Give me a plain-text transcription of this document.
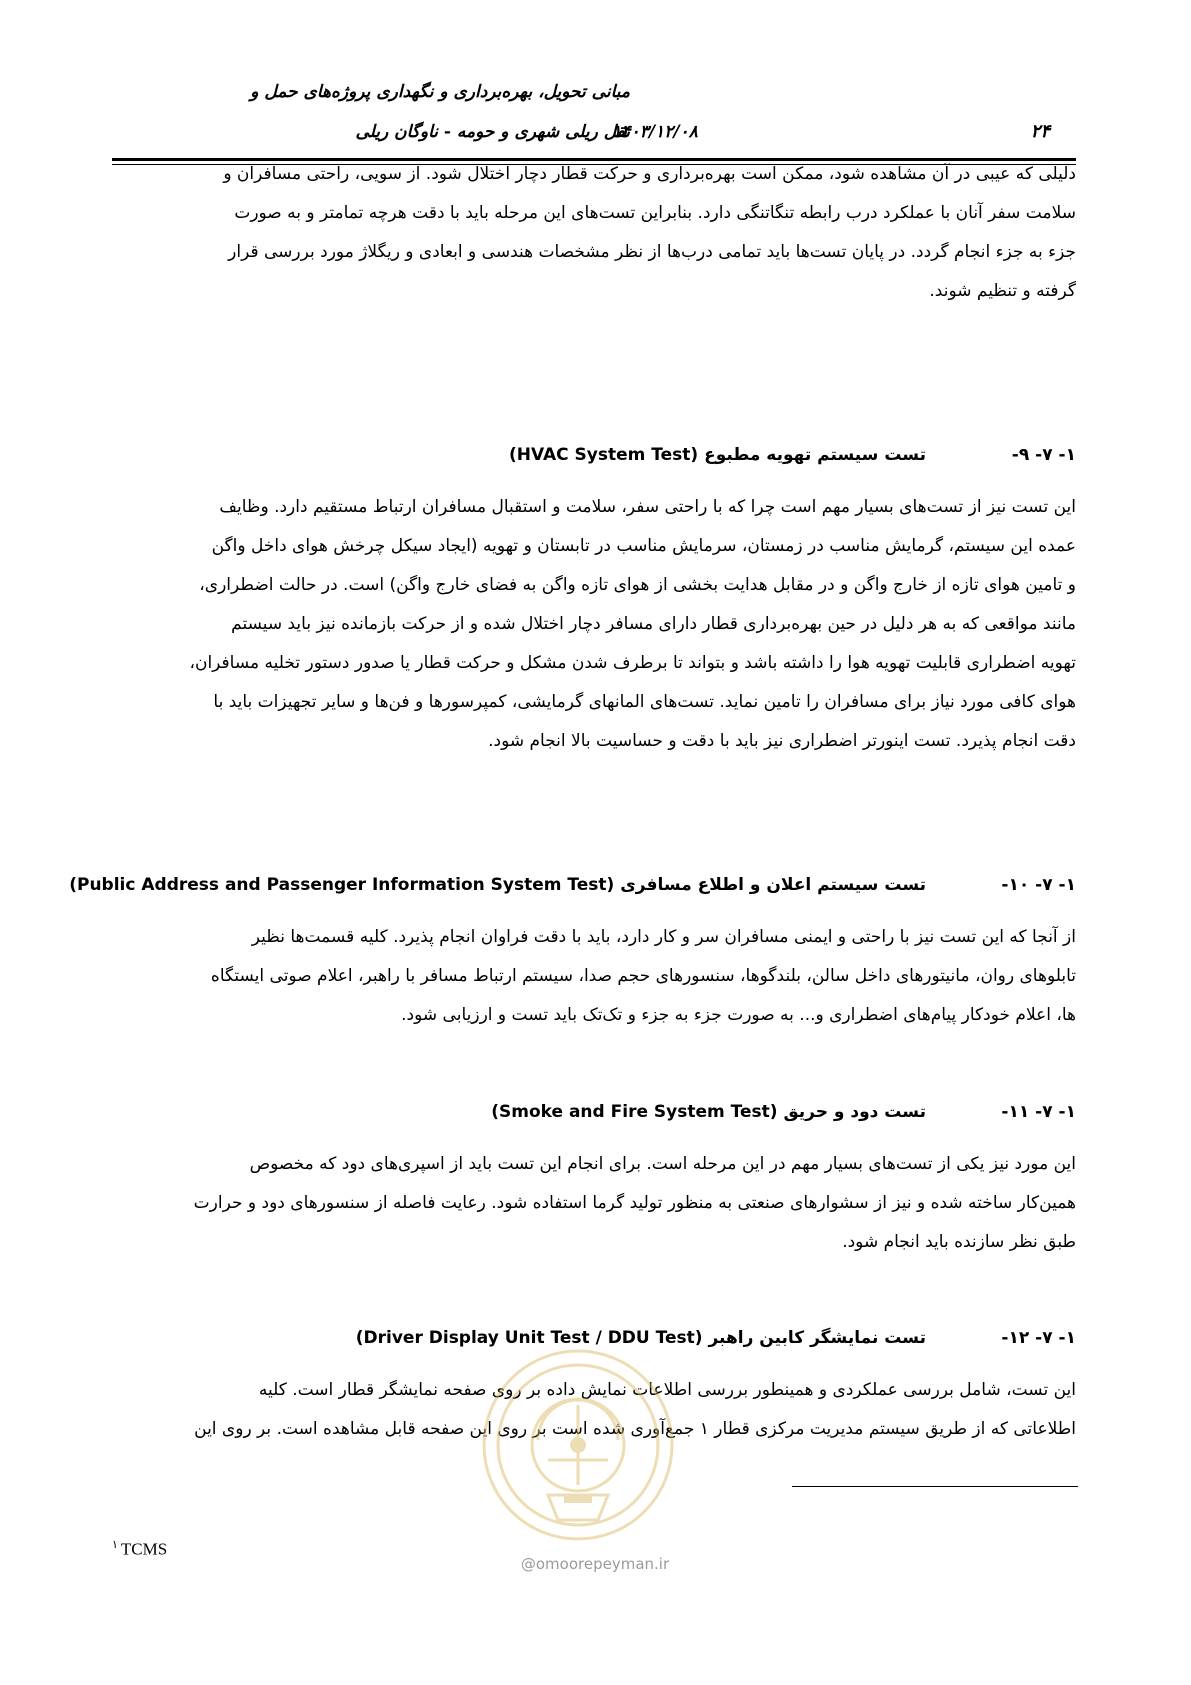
مبانی تحویل، بهره‌برداری و نگهداری پروژه‌های حمل و
نقل ریلی شهری و حومه - ناوگان ریلی
۱۴۰۳/۱۲/۰۸	۲۴
دلیلی که عیبی در آن مشاهده شود، ممکن است بهره‌برداری و حرکت قطار دچار اختلال شود. از سویی، راحتی مسافران و
سلامت سفر آنان با عملکرد درب رابطه تنگاتنگی دارد. بنابراین تست‌های این مرحله باید با دقت هرچه تمامتر و به صورت
جزء به جزء انجام گردد. در پایان تست‌ها باید تمامی درب‌ها از نظر مشخصات هندسی و ابعادی و ریگلاژ مورد بررسی قرار
گرفته و تنظیم شوند.
۱- ۷- ۹-
تست سیستم تهویه مطبوع (HVAC System Test)
این تست نیز از تست‌های بسیار مهم است چرا که با راحتی سفر، سلامت و استقبال مسافران ارتباط مستقیم دارد. وظایف
عمده این سیستم، گرمایش مناسب در زمستان، سرمایش مناسب در تابستان و تهویه (ایجاد سیکل چرخش هوای داخل واگن
و تامین هوای تازه از خارج واگن و در مقابل هدایت بخشی از هوای تازه واگن به فضای خارج واگن) است. در حالت اضطراری،
مانند مواقعی که به هر دلیل در حین بهره‌برداری قطار دارای مسافر دچار اختلال شده و از حرکت بازمانده نیز باید سیستم
تهویه اضطراری قابلیت تهویه هوا را داشته باشد و بتواند تا برطرف شدن مشکل و حرکت قطار یا صدور دستور تخلیه مسافران،
هوای کافی مورد نیاز برای مسافران را تامین نماید. تست‌های المانهای گرمایشی، کمپرسورها و فن‌ها و سایر تجهیزات باید با
دقت انجام پذیرد. تست اینورتر اضطراری نیز باید با دقت و حساسیت بالا انجام شود.
۱- ۷- ۱۰-
تست سیستم اعلان و اطلاع مسافری (Public Address and Passenger Information System Test)
از آنجا که این تست نیز با راحتی و ایمنی مسافران سر و کار دارد، باید با دقت فراوان انجام پذیرد. کلیه قسمت‌ها نظیر
تابلوهای روان، مانیتورهای داخل سالن، بلندگوها، سنسورهای حجم صدا، سیستم ارتباط مسافر با راهبر، اعلام صوتی ایستگاه
ها، اعلام خودکار پیام‌های اضطراری و... به صورت جزء به جزء و تک‌تک باید تست و ارزیابی شود.
۱- ۷- ۱۱-
تست دود و حریق (Smoke and Fire System Test)
این مورد نیز یکی از تست‌های بسیار مهم در این مرحله است. برای انجام این تست باید از اسپری‌های دود که مخصوص
همین‌کار ساخته شده و نیز از سشوارهای صنعتی به منظور تولید گرما استفاده شود. رعایت فاصله از سنسورهای دود و حرارت
طبق نظر سازنده باید انجام شود.
۱- ۷- ۱۲-
تست نمایشگر کابین راهبر (Driver Display Unit Test / DDU Test)
این تست، شامل بررسی عملکردی و همینطور بررسی اطلاعات نمایش داده بر روی صفحه نمایشگر قطار است. کلیه
اطلاعاتی که از طریق سیستم مدیریت مرکزی قطار ۱ جمع‌آوری شده است بر روی این صفحه قابل مشاهده است. بر روی این
@omoorepeyman.ir
$^۱$ TCMS
